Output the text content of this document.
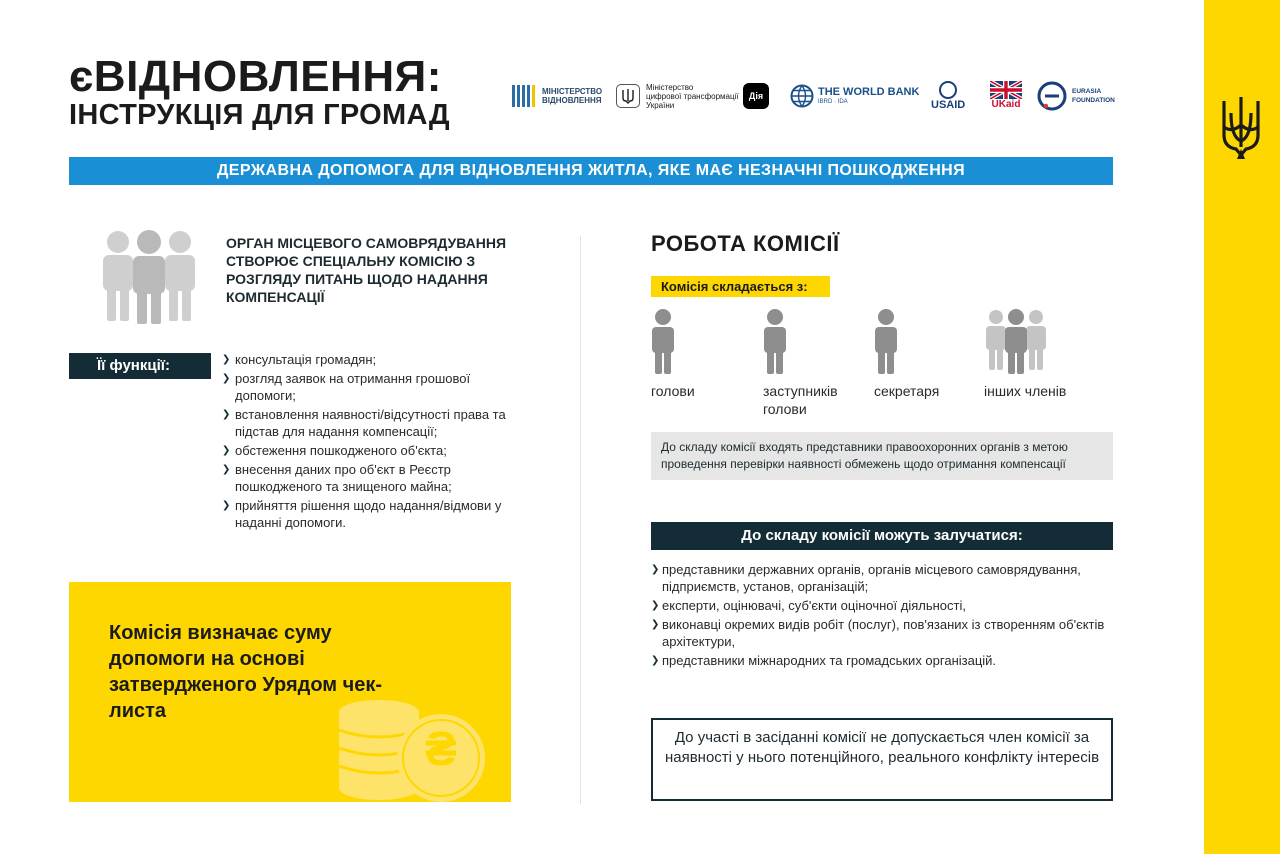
єВІДНОВЛЕННЯ:
ІНСТРУКЦІЯ ДЛЯ ГРОМАД
МІНІСТЕРСТВО
ВІДНОВЛЕННЯ
Міністерство
цифрової трансформації
України
Дія	THE WORLD BANK
IBRD · IDA	USAID	UKaid
EURASIA
FOUNDATION
ДЕРЖАВНА ДОПОМОГА ДЛЯ ВІДНОВЛЕННЯ ЖИТЛА, ЯКЕ МАЄ НЕЗНАЧНІ ПОШКОДЖЕННЯ
ОРГАН МІСЦЕВОГО САМОВРЯДУВАННЯ СТВОРЮЄ СПЕЦІАЛЬНУ КОМІСІЮ З РОЗГЛЯДУ ПИТАНЬ ЩОДО НАДАННЯ КОМПЕНСАЦІЇ
Її функції:
❯	консультація громадян;
❯ розгляд заявок на отримання грошової допомоги;
❯ встановлення наявності/відсутності права та підстав для надання компенсації;
❯ обстеження пошкодженого об'єкта;
❯ внесення даних про об'єкт в Реєстр пошкодженого та знищеного майна;
❯ прийняття рішення щодо надання/відмови у наданні допомоги.
Комісія визначає суму допомоги на основі затвердженого Урядом чек-листа
₴
РОБОТА КОМІСІЇ
Комісія складається з:
голови	заступників голови
секретаря	інших членів
До складу комісії входять представники правоохоронних органів з метою проведення перевірки наявності обмежень щодо отримання компенсації
До складу комісії можуть залучатися:
❯ представники державних органів, органів місцевого самоврядування, підприємств, установ, організацій;
❯ експерти, оцінювачі, суб'єкти оціночної діяльності,
❯ виконавці окремих видів робіт (послуг), пов'язаних із створенням об'єктів архітектури,
❯ представники міжнародних та громадських організацій.
До участі в засіданні комісії не допускається член комісії за наявності у нього потенційного, реального конфлікту інтересів
